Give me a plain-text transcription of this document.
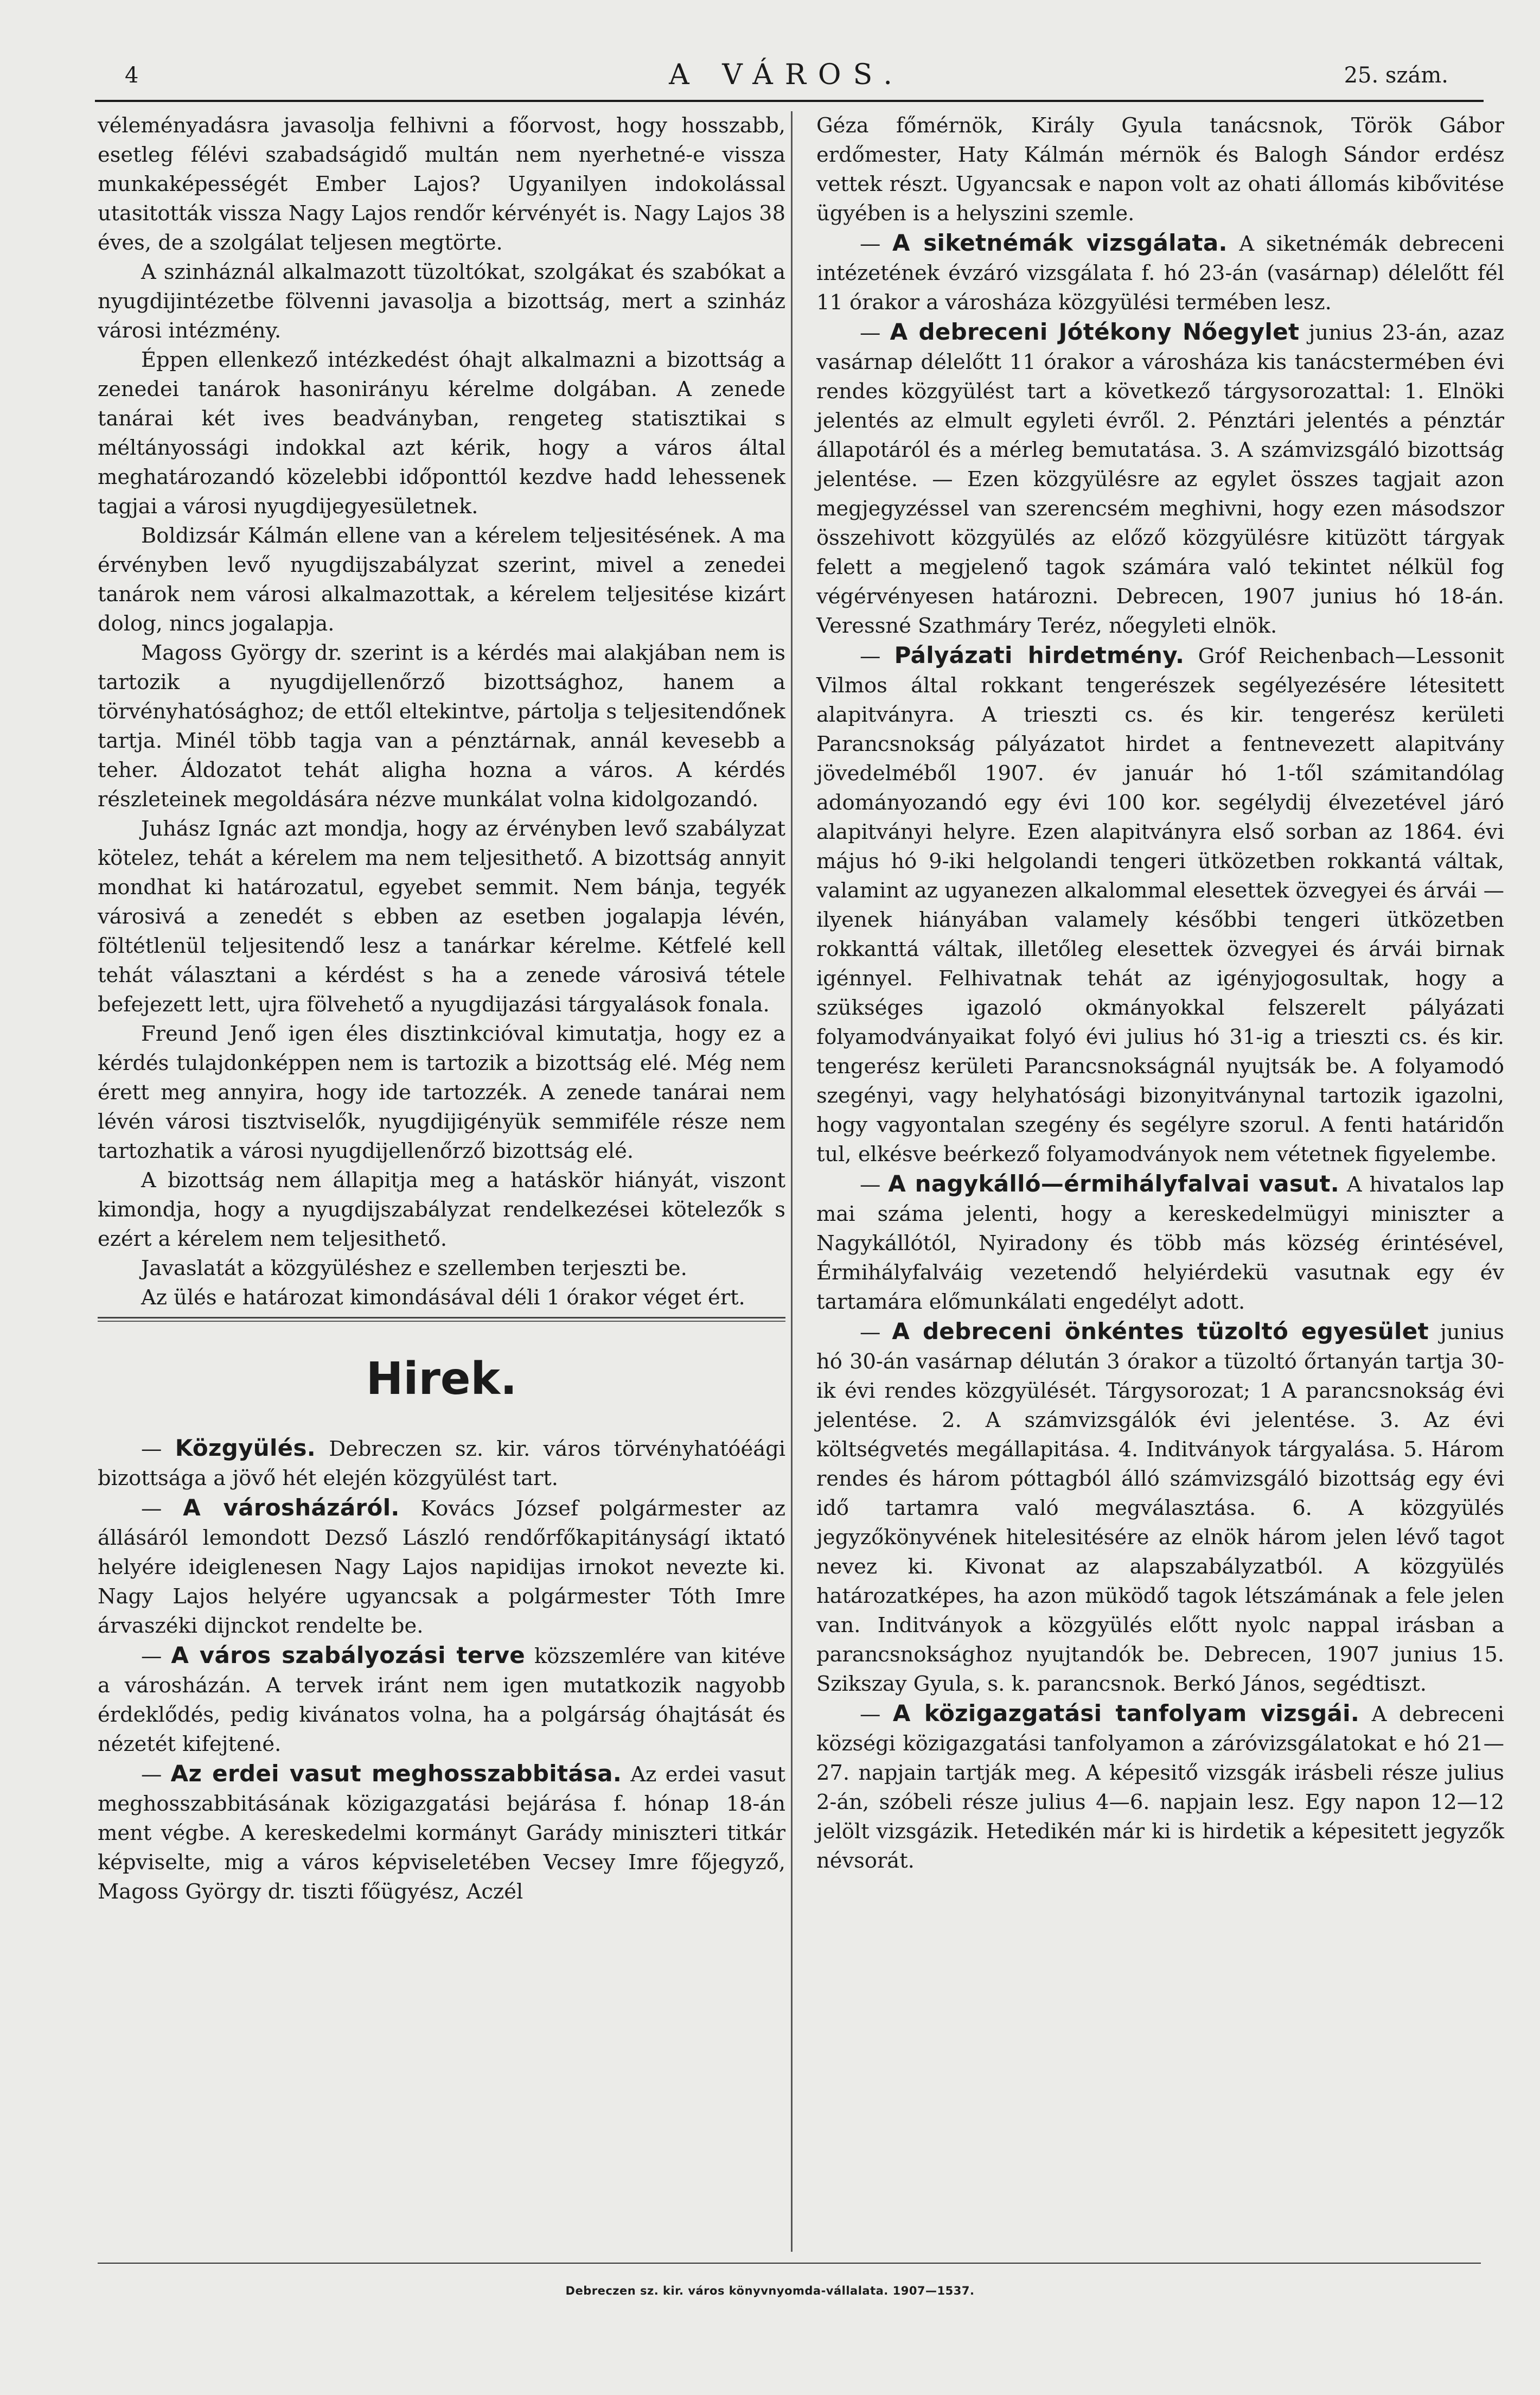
4	A VÁROS.	25. szám.

véleményadásra javasolja felhivni a főorvost, hogy hosszabb, esetleg félévi szabadságidő multán nem nyerhetné-e vissza munkaképességét Ember Lajos? Ugyanilyen indokolással utasitották vissza Nagy Lajos rendőr kérvényét is. Nagy Lajos 38 éves, de a szolgálat teljesen megtörte.

A szinháznál alkalmazott tüzoltókat, szolgákat és szabókat a nyugdijintézetbe fölvenni javasolja a bizottság, mert a szinház városi intézmény.

Éppen ellenkező intézkedést óhajt alkalmazni a bizottság a zenedei tanárok hasonirányu kérelme dolgában. A zenede tanárai két ives beadványban, rengeteg statisztikai s méltányossági indokkal azt kérik, hogy a város által meghatározandó közelebbi időponttól kezdve hadd lehessenek tagjai a városi nyugdijegyesületnek.

Boldizsár Kálmán ellene van a kérelem teljesitésének. A ma érvényben levő nyugdijszabályzat szerint, mivel a zenedei tanárok nem városi alkalmazottak, a kérelem teljesitése kizárt dolog, nincs jogalapja.

Magoss György dr. szerint is a kérdés mai alakjában nem is tartozik a nyugdijellenőrző bizottsághoz, hanem a törvényhatósághoz; de ettől eltekintve, pártolja s teljesitendőnek tartja. Minél több tagja van a pénztárnak, annál kevesebb a teher. Áldozatot tehát aligha hozna a város. A kérdés részleteinek megoldására nézve munkálat volna kidolgozandó.

Juhász Ignác azt mondja, hogy az érvényben levő szabályzat kötelez, tehát a kérelem ma nem teljesithető. A bizottság annyit mondhat ki határozatul, egyebet semmit. Nem bánja, tegyék városivá a zenedét s ebben az esetben jogalapja lévén, föltétlenül teljesitendő lesz a tanárkar kérelme. Kétfelé kell tehát választani a kérdést s ha a zenede városivá tétele befejezett lett, ujra fölvehető a nyugdijazási tárgyalások fonala.

Freund Jenő igen éles disztinkcióval kimutatja, hogy ez a kérdés tulajdonképpen nem is tartozik a bizottság elé. Még nem érett meg annyira, hogy ide tartozzék. A zenede tanárai nem lévén városi tisztviselők, nyugdijigényük semmiféle része nem tartozhatik a városi nyugdijellenőrző bizottság elé.

A bizottság nem állapitja meg a hatáskör hiányát, viszont kimondja, hogy a nyugdijszabályzat rendelkezései kötelezők s ezért a kérelem nem teljesithető.

Javaslatát a közgyüléshez e szellemben terjeszti be.

Az ülés e határozat kimondásával déli 1 órakor véget ért.

Hirek.

— Közgyülés. Debreczen sz. kir. város törvényhatóéági bizottsága a jövő hét elején közgyülést tart.

— A városházáról. Kovács József polgármester az állásáról lemondott Dezső László rendőrfőkapitányságí iktató helyére ideiglenesen Nagy Lajos napidijas irnokot nevezte ki. Nagy Lajos helyére ugyancsak a polgármester Tóth Imre árvaszéki dijnckot rendelte be.

— A város szabályozási terve közszemlére van kitéve a városházán. A tervek iránt nem igen mutatkozik nagyobb érdeklődés, pedig kivánatos volna, ha a polgárság óhajtását és nézetét kifejtené.

— Az erdei vasut meghosszabbitása. Az erdei vasut meghosszabbitásának közigazgatási bejárása f. hónap 18-án ment végbe. A kereskedelmi kormányt Garády miniszteri titkár képviselte, mig a város képviseletében Vecsey Imre főjegyző, Magoss György dr. tiszti főügyész, Aczél

Géza főmérnök, Király Gyula tanácsnok, Török Gábor erdőmester, Haty Kálmán mérnök és Balogh Sándor erdész vettek részt. Ugyancsak e napon volt az ohati állomás kibővitése ügyében is a helyszini szemle.

— A siketnémák vizsgálata. A siketnémák debreceni intézetének évzáró vizsgálata f. hó 23-án (vasárnap) délelőtt fél 11 órakor a városháza közgyülési termében lesz.

— A debreceni Jótékony Nőegylet junius 23-án, azaz vasárnap délelőtt 11 órakor a városháza kis tanácstermében évi rendes közgyülést tart a következő tárgysorozattal: 1. Elnöki jelentés az elmult egyleti évről. 2. Pénztári jelentés a pénztár állapotáról és a mérleg bemutatása. 3. A számvizsgáló bizottság jelentése. — Ezen közgyülésre az egylet összes tagjait azon megjegyzéssel van szerencsém meghivni, hogy ezen másodszor összehivott közgyülés az előző közgyülésre kitüzött tárgyak felett a megjelenő tagok számára való tekintet nélkül fog végérvényesen határozni. Debrecen, 1907 junius hó 18-án. Veressné Szathmáry Teréz, nőegyleti elnök.

— Pályázati hirdetmény. Gróf Reichenbach—Lessonit Vilmos által rokkant tengerészek segélyezésére létesitett alapitványra. A trieszti cs. és kir. tengerész kerületi Parancsnokság pályázatot hirdet a fentnevezett alapitvány jövedelméből 1907. év január hó 1-től számitandólag adományozandó egy évi 100 kor. segélydij élvezetével járó alapitványi helyre. Ezen alapitványra első sorban az 1864. évi május hó 9-iki helgolandi tengeri ütközetben rokkantá váltak, valamint az ugyanezen alkalommal elesettek özvegyei és árvái — ilyenek hiányában valamely későbbi tengeri ütközetben rokkanttá váltak, illetőleg elesettek özvegyei és árvái birnak igénnyel. Felhivatnak tehát az igényjogosultak, hogy a szükséges igazoló okmányokkal felszerelt pályázati folyamodványaikat folyó évi julius hó 31-ig a trieszti cs. és kir. tengerész kerületi Parancsnokságnál nyujtsák be. A folyamodó szegényi, vagy helyhatósági bizonyitványnal tartozik igazolni, hogy vagyontalan szegény és segélyre szorul. A fenti határidőn tul, elkésve beérkező folyamodványok nem vétetnek figyelembe.

— A nagykálló—érmihályfalvai vasut. A hivatalos lap mai száma jelenti, hogy a kereskedelmügyi miniszter a Nagykállótól, Nyiradony és több más község érintésével, Érmihályfalváig vezetendő helyiérdekü vasutnak egy év tartamára előmunkálati engedélyt adott.

— A debreceni önkéntes tüzoltó egyesület junius hó 30-án vasárnap délután 3 órakor a tüzoltó őrtanyán tartja 30-ik évi rendes közgyülését. Tárgysorozat; 1 A parancsnokság évi jelentése. 2. A számvizsgálók évi jelentése. 3. Az évi költségvetés megállapitása. 4. Inditványok tárgyalása. 5. Három rendes és három póttagból álló számvizsgáló bizottság egy évi idő tartamra való megválasztása. 6. A közgyülés jegyzőkönyvének hitelesitésére az elnök három jelen lévő tagot nevez ki. Kivonat az alapszabályzatból. A közgyülés határozatképes, ha azon müködő tagok létszámának a fele jelen van. Inditványok a közgyülés előtt nyolc nappal irásban a parancsnoksághoz nyujtandók be. Debrecen, 1907 junius 15. Szikszay Gyula, s. k. parancsnok. Berkó János, segédtiszt.

— A közigazgatási tanfolyam vizsgái. A debreceni községi közigazgatási tanfolyamon a záróvizsgálatokat e hó 21—27. napjain tartják meg. A képesitő vizsgák irásbeli része julius 2-án, szóbeli része julius 4—6. napjain lesz. Egy napon 12—12 jelölt vizsgázik. Hetedikén már ki is hirdetik a képesitett jegyzők névsorát.

Debreczen sz. kir. város könyvnyomda-vállalata. 1907—1537.
